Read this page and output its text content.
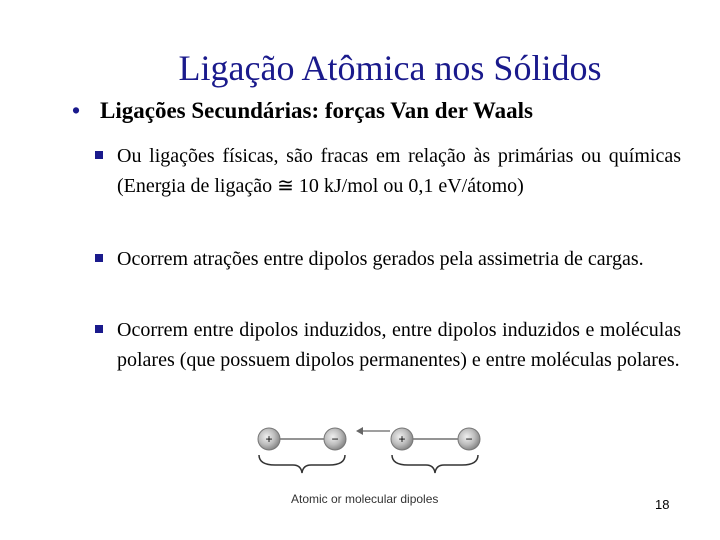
Ligação Atômica nos Sólidos
• Ligações Secundárias: forças Van der Waals
Ou ligações físicas, são fracas em relação às primárias ou químicas (Energia de ligação ≅ 10 kJ/mol ou 0,1 eV/átomo)
Ocorrem atrações entre dipolos gerados pela assimetria de cargas.
Ocorrem entre dipolos induzidos, entre dipolos induzidos e moléculas polares (que possuem dipolos permanentes) e entre moléculas polares.
+	−	+	−
Atomic or molecular dipoles	18
